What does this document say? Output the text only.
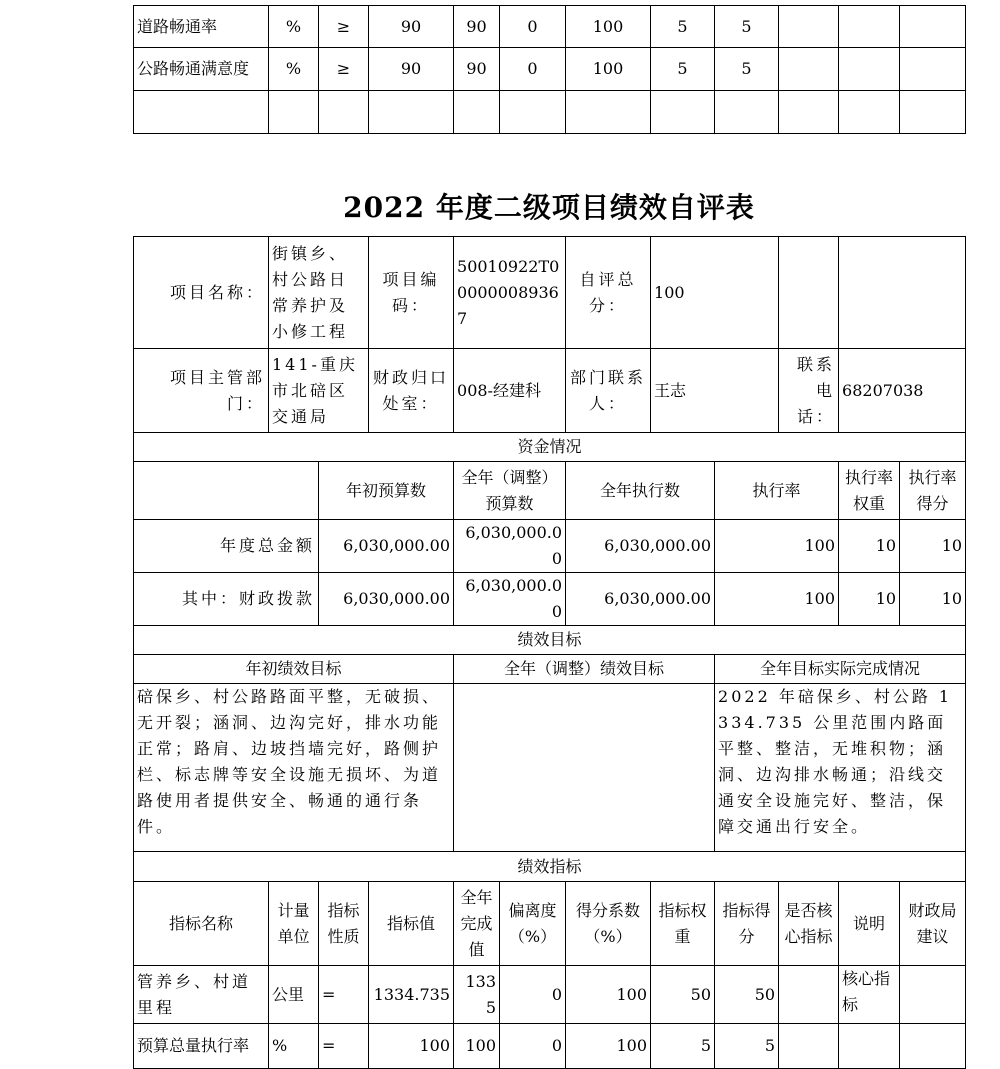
道路畅通率	%	≥	90	90	0	100	5	5			
公路畅通满意度	%	≥	90	90	0	100	5	5			

2022 年度二级项目绩效自评表
项目名称：	街镇乡、村公路日常养护及小修工程		项目编码：	50010922T000000089367		自评总分：	100				
项目主管部门：	141-重庆市北碚区交通局		财政归口处室：	008-经建科		部门联系人：	王志		联系电话：	68207038	
资金情况											
		年初预算数		全年（调整）预算数		全年执行数		执行率		执行率权重	执行率得分
年度总金额		6,030,000.00		6,030,000.00		6,030,000.00		100		10	10
其中：财政拨款		6,030,000.00		6,030,000.00		6,030,000.00		100		10	10
绩效目标											
年初绩效目标				全年（调整）绩效目标				全年目标实际完成情况			
碚保乡、村公路路面平整，无破损、无开裂；涵洞、边沟完好，排水功能正常；路肩、边坡挡墙完好，路侧护栏、标志牌等安全设施无损坏、为道路使用者提供安全、畅通的通行条件。								2022 年碚保乡、村公路 1334.735 公里范围内路面平整、整洁，无堆积物；涵洞、边沟排水畅通；沿线交通安全设施完好、整洁，保障交通出行安全。			
绩效指标											
指标名称	计量单位	指标性质	指标值	全年完成值	偏离度（%）	得分系数（%）	指标权重	指标得分	是否核心指标	说明	财政局建议
管养乡、村道里程	公里	=	1334.735	1335	0	100	50	50		核心指标	
预算总量执行率	%	=	100	100	0	100	5	5			
